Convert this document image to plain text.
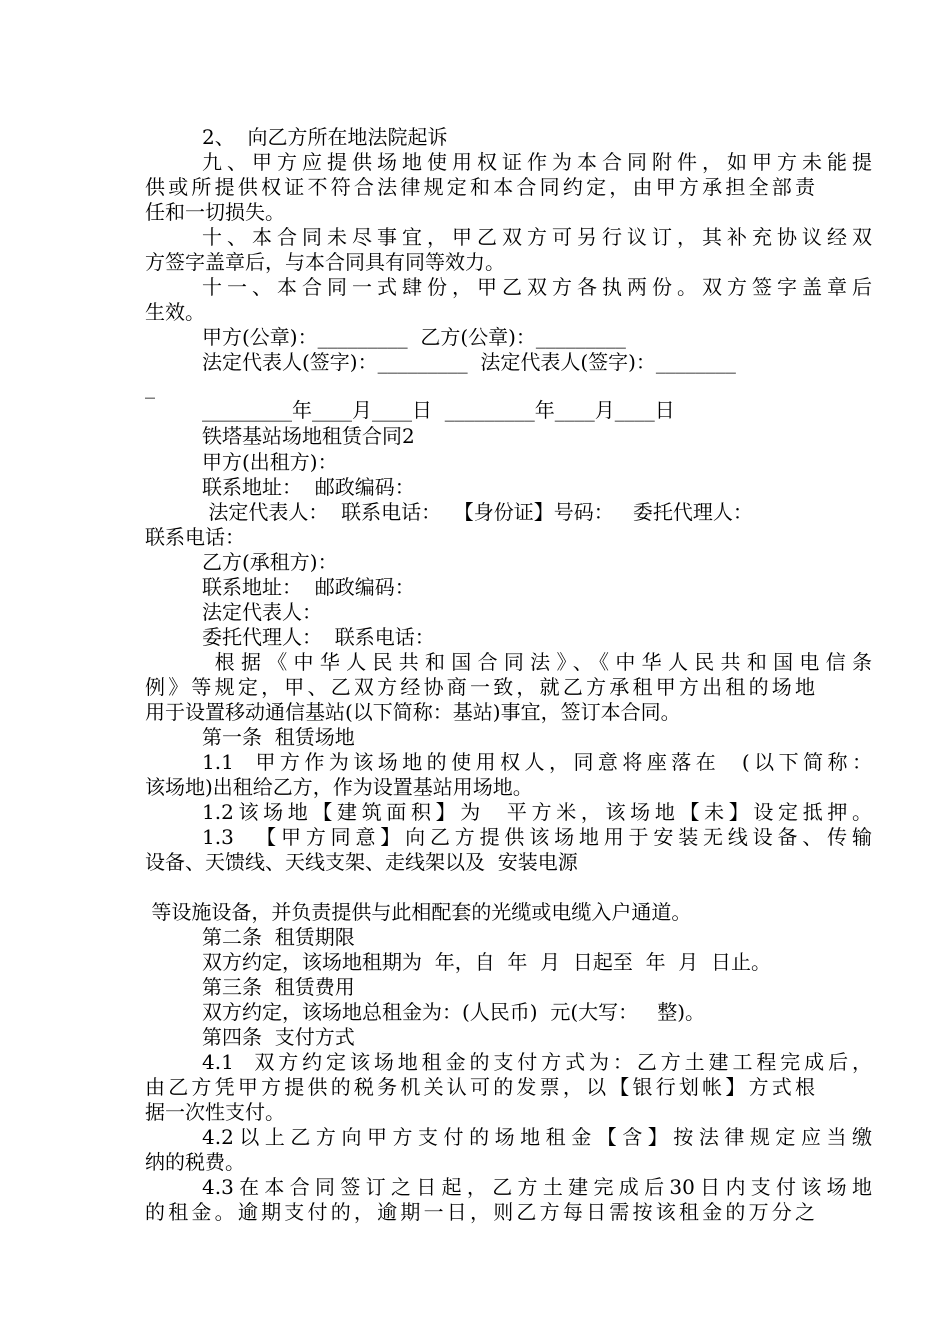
2、  向乙方所在地法院起诉

九、甲方应提供场地使用权证作为本合同附件，如甲方未能提

供或所提供权证不符合法律规定和本合同约定，由甲方承担全部责

任和一切损失。

十、本合同未尽事宜，甲乙双方可另行议订，其补充协议经双

方签字盖章后，与本合同具有同等效力。

十一、本合同一式肆份，甲乙双方各执两份。双方签字盖章后

生效。

甲方(公章)：_________  乙方(公章)：_________

法定代表人(签字)：_________  法定代表人(签字)：________

_

_________年____月____日  _________年____月____日

铁塔基站场地租赁合同2

甲方(出租方)：

联系地址：  邮政编码：

法定代表人：  联系电话：  【身份证】号码：   委托代理人：

联系电话：

乙方(承租方)：

联系地址：  邮政编码：

法定代表人：

委托代理人：  联系电话：

根据《中华人民共和国合同法》、《中华人民共和国电信条

例》等规定，甲、乙双方经协商一致，就乙方承租甲方出租的场地

用于设置移动通信基站(以下简称：基站)事宜，签订本合同。

第一条  租赁场地

1.1  甲方作为该场地的使用权人，同意将座落在  (以下简称：

该场地)出租给乙方，作为设置基站用场地。

1.2该场地【建筑面积】为  平方米，该场地【未】设定抵押。

1.3  【甲方同意】向乙方提供该场地用于安装无线设备、传输

设备、天馈线、天线支架、走线架以及  安装电源

等设施设备，并负责提供与此相配套的光缆或电缆入户通道。

第二条  租赁期限

双方约定，该场地租期为  年，自  年  月  日起至  年  月  日止。

第三条  租赁费用

双方约定，该场地总租金为：(人民币)  元(大写：   整)。

第四条  支付方式

4.1  双方约定该场地租金的支付方式为：乙方土建工程完成后，

由乙方凭甲方提供的税务机关认可的发票，以【银行划帐】方式根

据一次性支付。

4.2以上乙方向甲方支付的场地租金【含】按法律规定应当缴

纳的税费。

4.3在本合同签订之日起，乙方土建完成后30日内支付该场地

的租金。逾期支付的，逾期一日，则乙方每日需按该租金的万分之
